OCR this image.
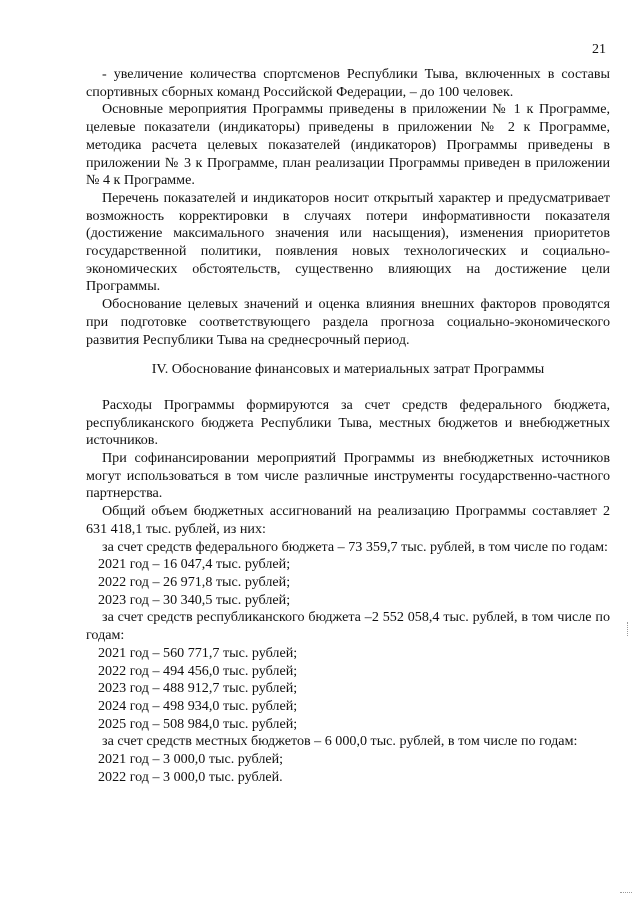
21

- увеличение количества спортсменов Республики Тыва, включенных в составы спортивных сборных команд Российской Федерации, – до 100 человек.

Основные мероприятия Программы приведены в приложении № 1 к Программе, целевые показатели (индикаторы) приведены в приложении № 2 к Программе, методика расчета целевых показателей (индикаторов) Программы приведены в приложении № 3 к Программе, план реализации Программы приведен в приложении № 4 к Программе.

Перечень показателей и индикаторов носит открытый характер и предусматривает возможность корректировки в случаях потери информативности показателя (достижение максимального значения или насыщения), изменения приоритетов государственной политики, появления новых технологических и социально-экономических обстоятельств, существенно влияющих на достижение цели Программы.

Обоснование целевых значений и оценка влияния внешних факторов проводятся при подготовке соответствующего раздела прогноза социально-экономического развития Республики Тыва на среднесрочный период.

IV. Обоснование финансовых и материальных затрат Программы

Расходы Программы формируются за счет средств федерального бюджета, республиканского бюджета Республики Тыва, местных бюджетов и внебюджетных источников.

При софинансировании мероприятий Программы из внебюджетных источников могут использоваться в том числе различные инструменты государственно-частного партнерства.

Общий объем бюджетных ассигнований на реализацию Программы составляет 2 631 418,1 тыс. рублей, из них:

за счет средств федерального бюджета – 73 359,7 тыс. рублей, в том числе по годам:

2021 год – 16 047,4 тыс. рублей;

2022 год – 26 971,8 тыс. рублей;

2023 год – 30 340,5 тыс. рублей;

за счет средств республиканского бюджета –2 552 058,4 тыс. рублей, в том числе по годам:

2021 год – 560 771,7 тыс. рублей;

2022 год – 494 456,0 тыс. рублей;

2023 год – 488 912,7 тыс. рублей;

2024 год – 498 934,0 тыс. рублей;

2025 год – 508 984,0 тыс. рублей;

за счет средств местных бюджетов – 6 000,0 тыс. рублей, в том числе по годам:

2021 год – 3 000,0 тыс. рублей;

2022 год – 3 000,0 тыс. рублей.
